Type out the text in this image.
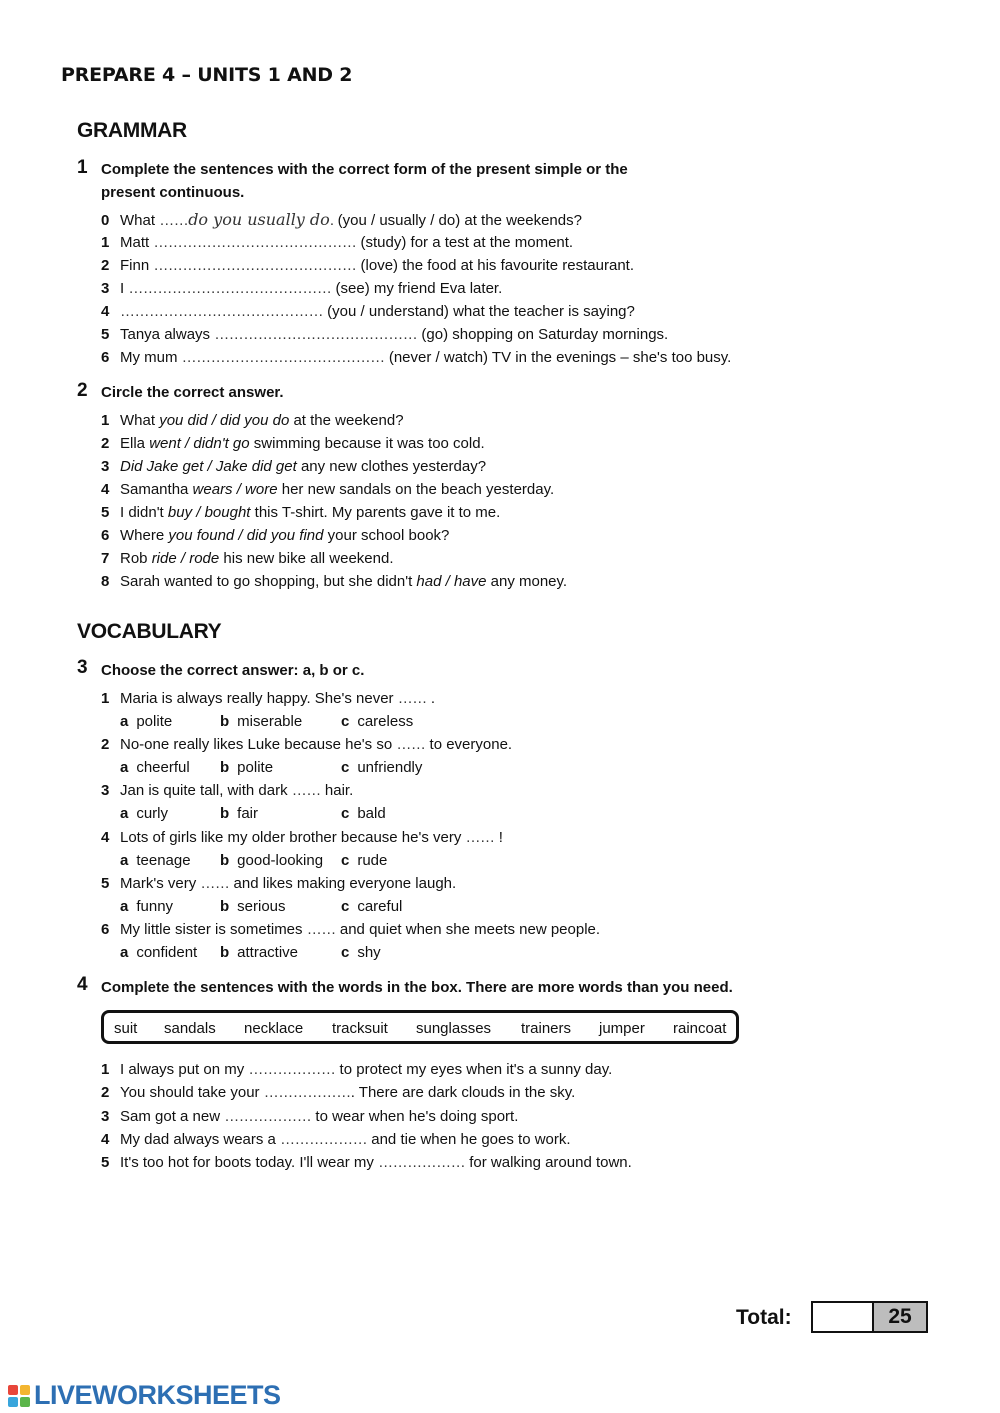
PREPARE 4 – UNITS 1 AND 2
GRAMMAR
1 Complete the sentences with the correct form of the present simple or the
present continuous.
0 What ……do you usually do. (you / usually / do) at the weekends?
1 Matt …………………………………… (study) for a test at the moment.
2 Finn …………………………………… (love) the food at his favourite restaurant.
3 I …………………………………… (see) my friend Eva later.
4 …………………………………… (you / understand) what the teacher is saying?
5 Tanya always …………………………………… (go) shopping on Saturday mornings.
6 My mum …………………………………… (never / watch) TV in the evenings – she's too busy.
2 Circle the correct answer.
1 What you did / did you do at the weekend?
2 Ella went / didn't go swimming because it was too cold.
3 Did Jake get / Jake did get any new clothes yesterday?
4 Samantha wears / wore her new sandals on the beach yesterday.
5 I didn't buy / bought this T-shirt. My parents gave it to me.
6 Where you found / did you find your school book?
7 Rob ride / rode his new bike all weekend.
8 Sarah wanted to go shopping, but she didn't had / have any money.
VOCABULARY
3 Choose the correct answer: a, b or c.
1 Maria is always really happy. She's never …… .
a polite	b miserable	c careless
2 No-one really likes Luke because he's so …… to everyone.
a cheerful b polite	c unfriendly
3 Jan is quite tall, with dark …… hair.
a curly	b fair	c bald
4 Lots of girls like my older brother because he's very …… !
a teenage b good-looking c rude
5 Mark's very …… and likes making everyone laugh.
a funny	b serious	c careful
6 My little sister is sometimes …… and quiet when she meets new people.
a confident b attractive	c shy
4 Complete the sentences with the words in the box. There are more words than you need.
suit sandals necklace tracksuit sunglasses trainers jumper raincoat
1 I always put on my ……………… to protect my eyes when it's a sunny day.
2 You should take your ………………. There are dark clouds in the sky.
3 Sam got a new ……………… to wear when he's doing sport.
4 My dad always wears a ……………… and tie when he goes to work.
5 It's too hot for boots today. I'll wear my ……………… for walking around town.
Total:	25
LIVEWORKSHEETS
